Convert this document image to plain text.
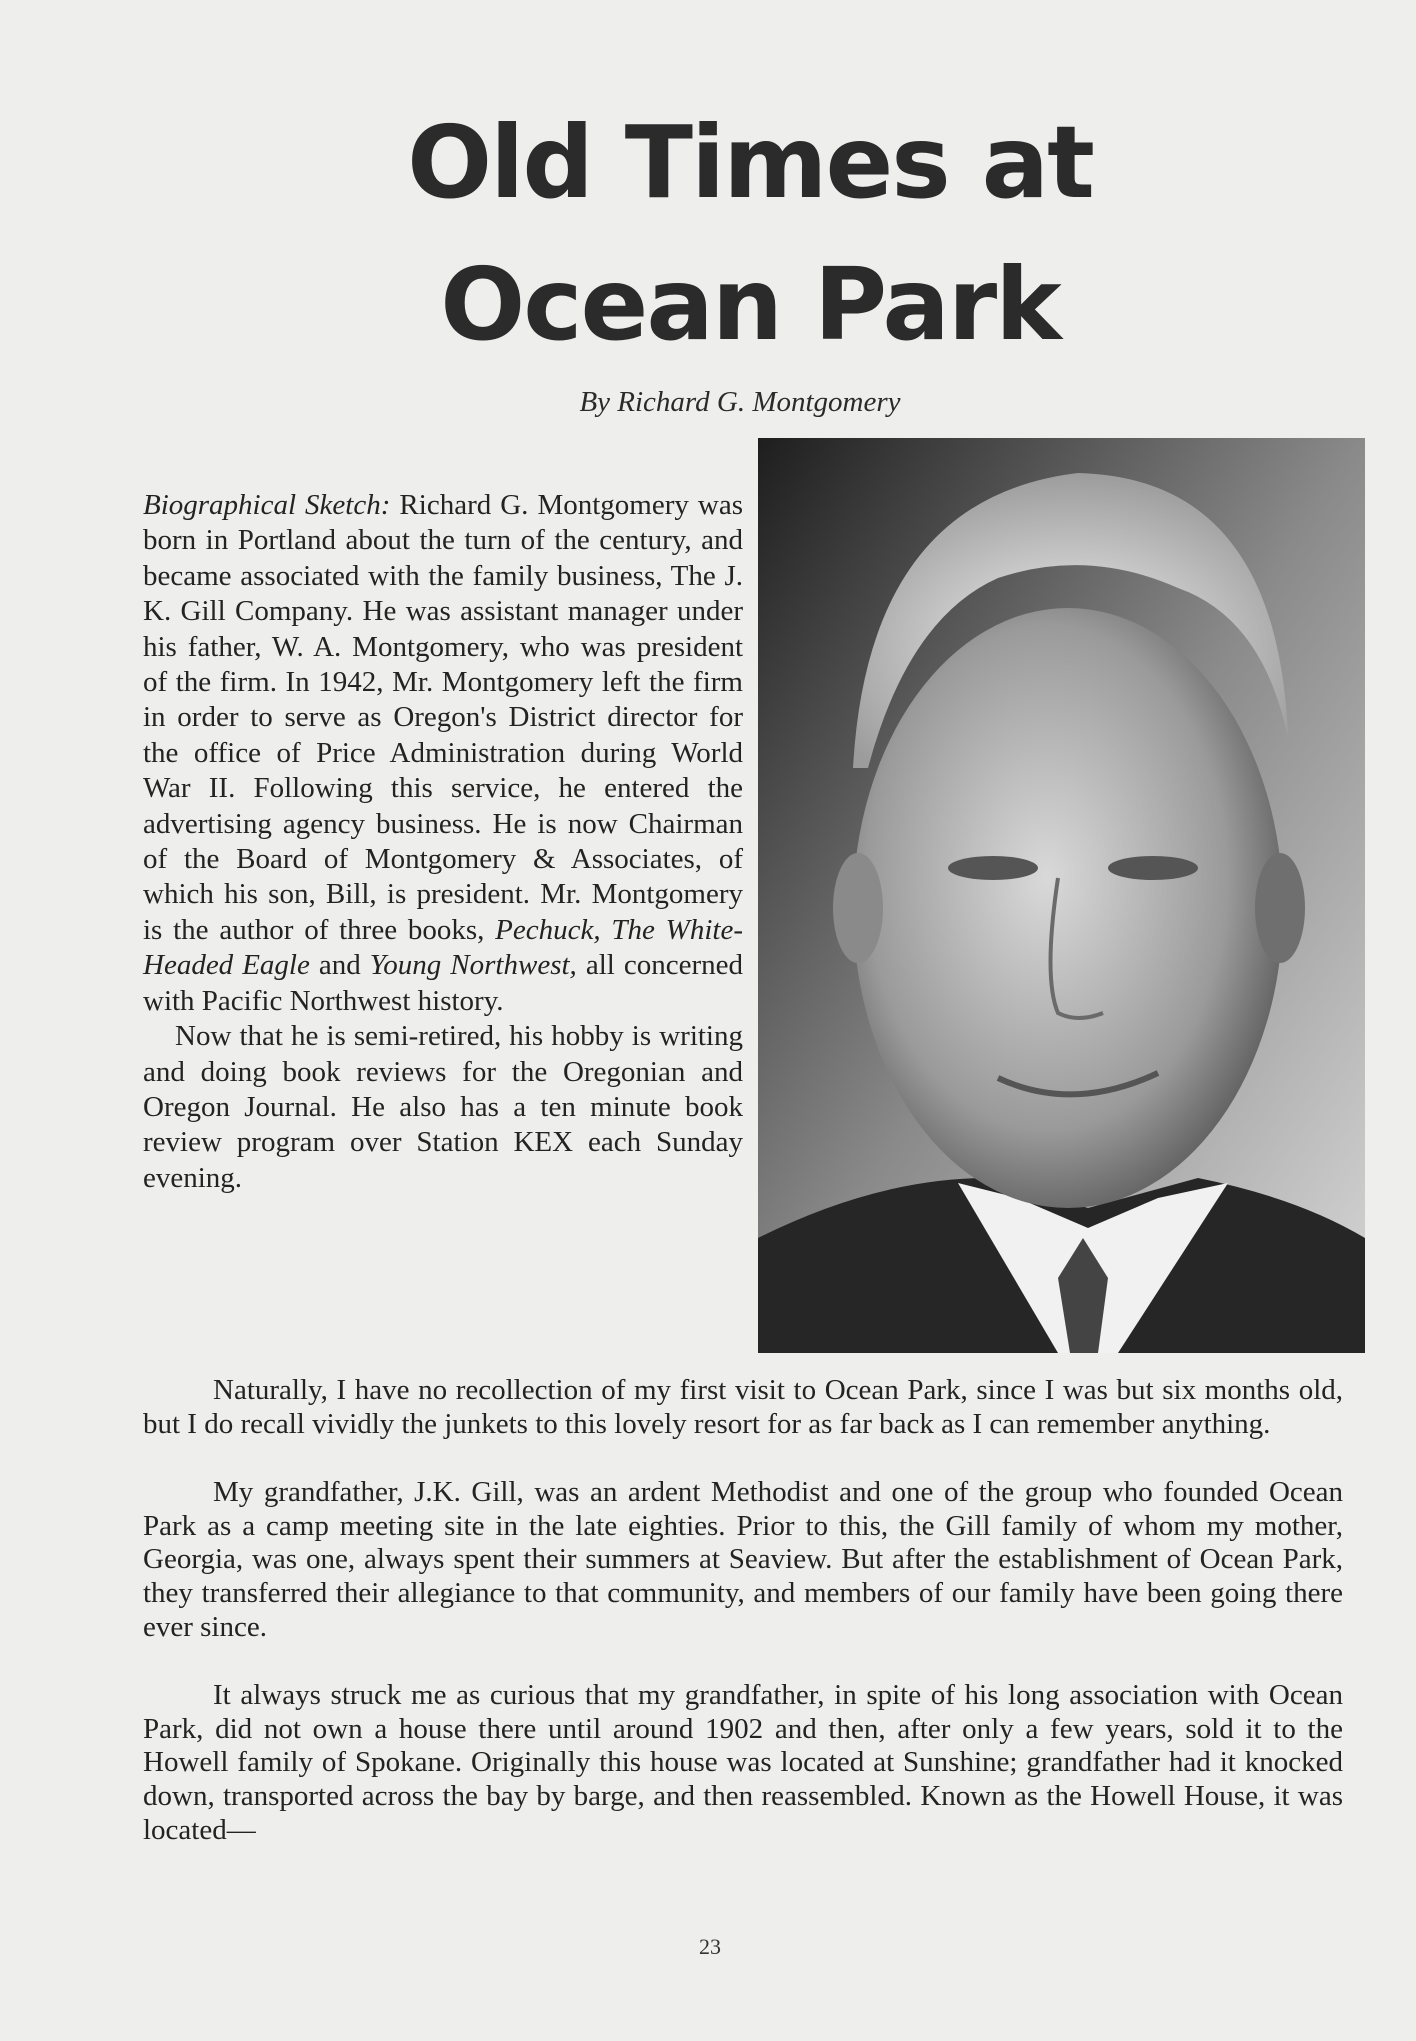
Old Times at
Ocean Park

By Richard G. Montgomery

Biographical Sketch: Richard G. Montgomery was born in Portland about the turn of the century, and became associated with the family business, The J. K. Gill Company. He was assistant manager under his father, W. A. Montgomery, who was president of the firm. In 1942, Mr. Montgomery left the firm in order to serve as Oregon's District director for the office of Price Administration during World War II. Following this service, he entered the advertising agency business. He is now Chairman of the Board of Montgomery & Associates, of which his son, Bill, is president. Mr. Montgomery is the author of three books, Pechuck, The White-Headed Eagle and Young Northwest, all concerned with Pacific Northwest history.

Now that he is semi-retired, his hobby is writing and doing book reviews for the Oregonian and Oregon Journal. He also has a ten minute book review program over Station KEX each Sunday evening.

Naturally, I have no recollection of my first visit to Ocean Park, since I was but six months old, but I do recall vividly the junkets to this lovely resort for as far back as I can remember anything.

My grandfather, J.K. Gill, was an ardent Methodist and one of the group who founded Ocean Park as a camp meeting site in the late eighties. Prior to this, the Gill family of whom my mother, Georgia, was one, always spent their summers at Seaview. But after the establishment of Ocean Park, they transferred their allegiance to that community, and members of our family have been going there ever since.

It always struck me as curious that my grandfather, in spite of his long association with Ocean Park, did not own a house there until around 1902 and then, after only a few years, sold it to the Howell family of Spokane. Originally this house was located at Sunshine; grandfather had it knocked down, transported across the bay by barge, and then reassembled. Known as the Howell House, it was located—

23
